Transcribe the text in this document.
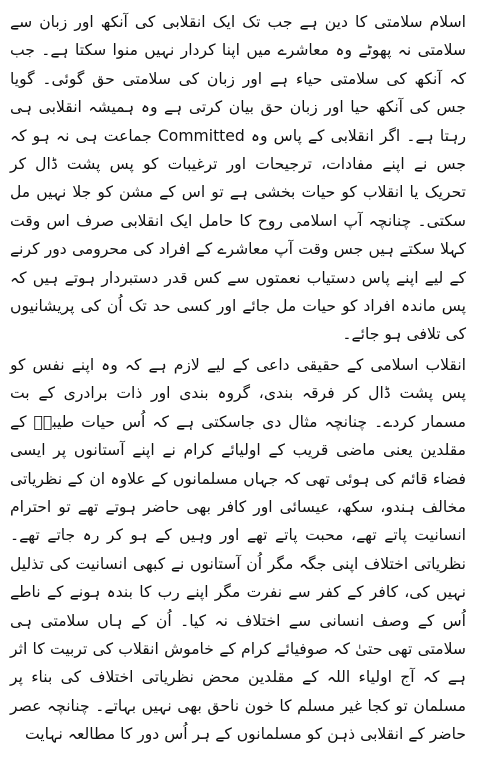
اسلام سلامتی کا دین ہے جب تک ایک انقلابی کی آنکھ اور زبان سے سلامتی نہ پھوٹے وہ معاشرے میں اپنا کردار نہیں منوا سکتا ہے۔ جب کہ آنکھ کی سلامتی حیاء ہے اور زبان کی سلامتی حق گوئی۔ گویا جس کی آنکھ حیا اور زبان حق بیان کرتی ہے وہ ہمیشہ انقلابی ہی رہتا ہے۔ اگر انقلابی کے پاس وہ Committed جماعت ہی نہ ہو کہ جس نے اپنے مفادات، ترجیحات اور ترغیبات کو پس پشت ڈال کر تحریک یا انقلاب کو حیات بخشی ہے تو اس کے مشن کو جلا نہیں مل سکتی۔ چنانچہ آپ اسلامی روح کا حامل ایک انقلابی صرف اس وقت کہلا سکتے ہیں جس وقت آپ معاشرے کے افراد کی محرومی دور کرنے کے لیے اپنے پاس دستیاب نعمتوں سے کس قدر دستبردار ہوتے ہیں کہ پس ماندہ افراد کو حیات مل جائے اور کسی حد تک اُن کی پریشانیوں کی تلافی ہو جائے۔

انقلاب اسلامی کے حقیقی داعی کے لیے لازم ہے کہ وہ اپنے نفس کو پس پشت ڈال کر فرقہ بندی، گروہ بندی اور ذات برادری کے بت مسمار کردے۔ چنانچہ مثال دی جاسکتی ہے کہ اُس حیات طیبہؒ کے مقلدین یعنی ماضی قریب کے اولیائے کرام نے اپنے آستانوں پر ایسی فضاء قائم کی ہوئی تھی کہ جہاں مسلمانوں کے علاوہ ان کے نظریاتی مخالف ہندو، سکھ، عیسائی اور کافر بھی حاضر ہوتے تھے تو احترام انسانیت پاتے تھے، محبت پاتے تھے اور وہیں کے ہو کر رہ جاتے تھے۔ نظریاتی اختلاف اپنی جگہ مگر اُن آستانوں نے کبھی انسانیت کی تذلیل نہیں کی، کافر کے کفر سے نفرت مگر اپنے رب کا بندہ ہونے کے ناطے اُس کے وصف انسانی سے اختلاف نہ کیا۔ اُن کے ہاں سلامتی ہی سلامتی تھی حتیٰ کہ صوفیائے کرام کے خاموش انقلاب کی تربیت کا اثر ہے کہ آج اولیاء اللہ کے مقلدین محض نظریاتی اختلاف کی بناء پر مسلمان تو کجا غیر مسلم کا خون ناحق بھی نہیں بہاتے۔ چنانچہ عصر حاضر کے انقلابی ذہن کو مسلمانوں کے ہر اُس دور کا مطالعہ نہایت
